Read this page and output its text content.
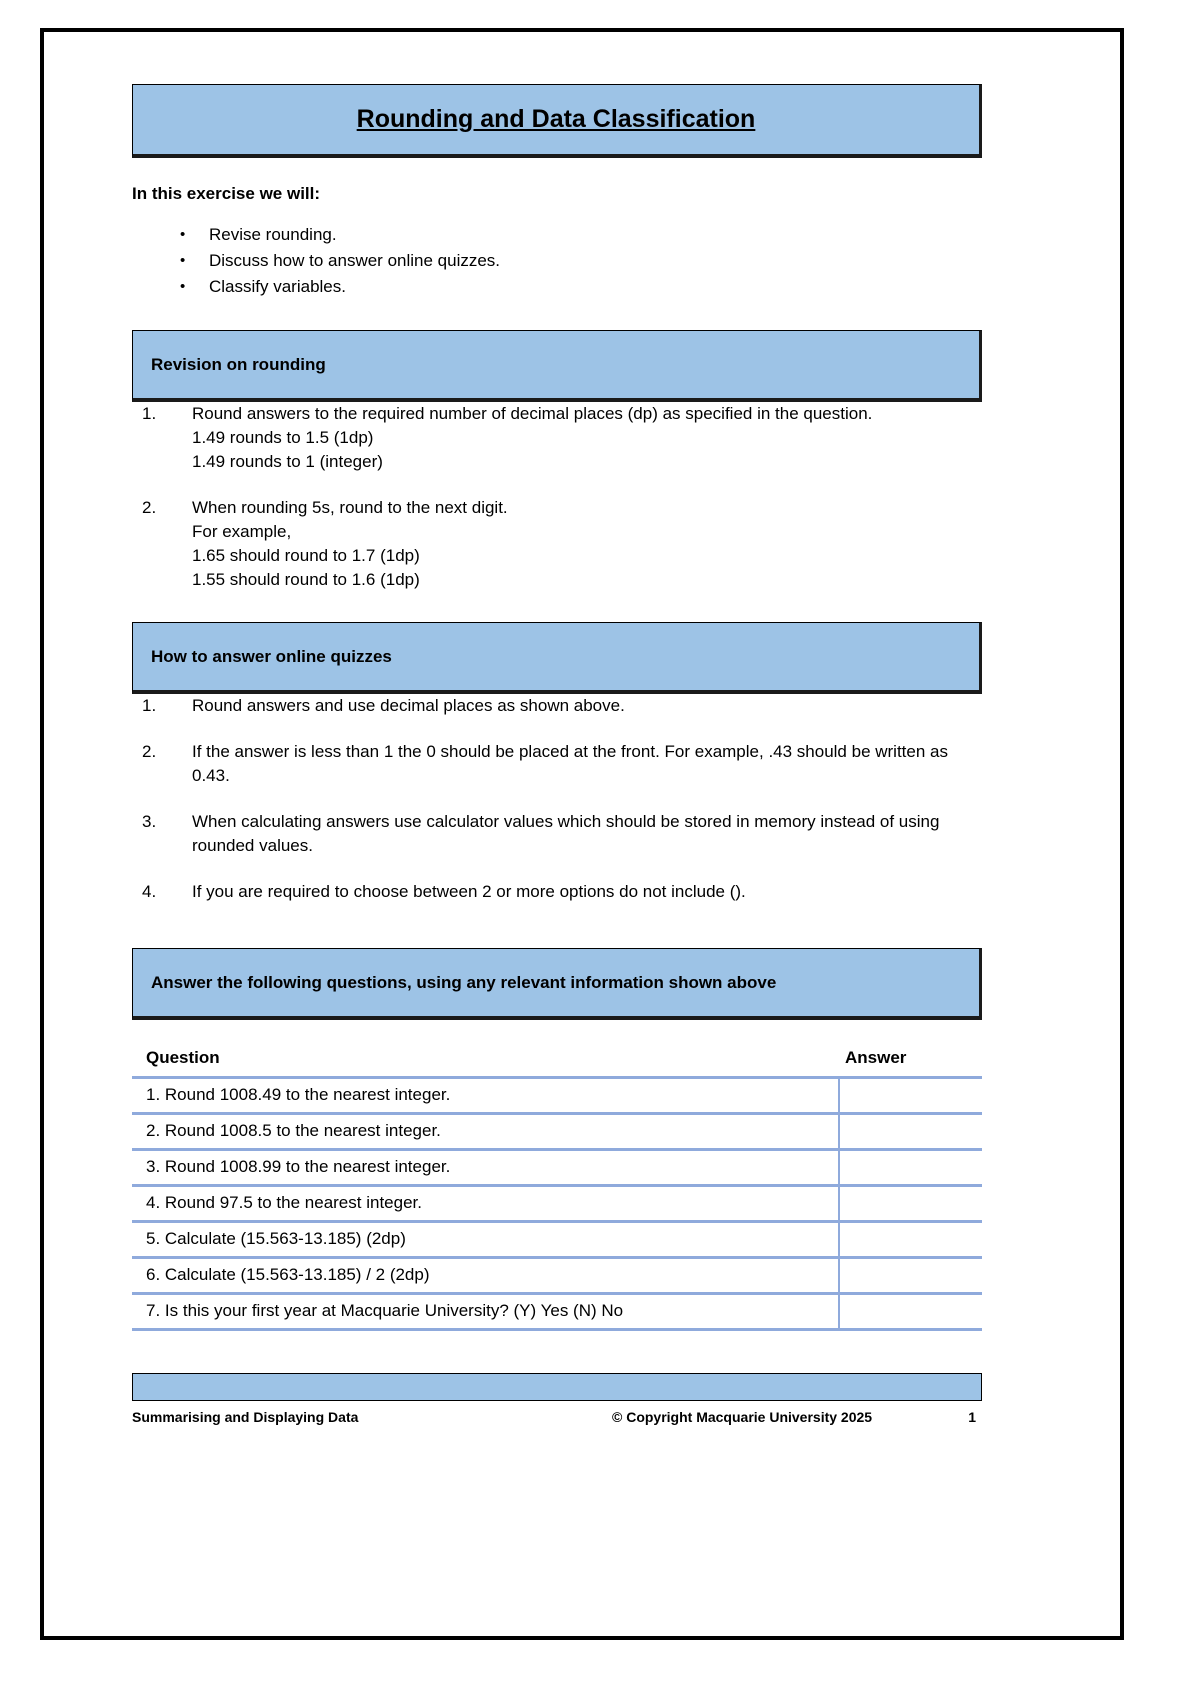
Rounding and Data Classification
In this exercise we will:
• Revise rounding.
• Discuss how to answer online quizzes.
• Classify variables.
Revision on rounding
1. Round answers to the required number of decimal places (dp) as specified in the question.
1.49 rounds to 1.5 (1dp)
1.49 rounds to 1 (integer)
2. When rounding 5s, round to the next digit.
For example,
1.65 should round to 1.7 (1dp)
1.55 should round to 1.6 (1dp)
How to answer online quizzes
1. Round answers and use decimal places as shown above.
2. If the answer is less than 1 the 0 should be placed at the front. For example, .43 should be written as 0.43.
3. When calculating answers use calculator values which should be stored in memory instead of using rounded values.
4. If you are required to choose between 2 or more options do not include ().
Answer the following questions, using any relevant information shown above
Question	Answer
1. Round 1008.49 to the nearest integer.	
2. Round 1008.5 to the nearest integer.	
3. Round 1008.99 to the nearest integer.	
4. Round 97.5 to the nearest integer.	
5. Calculate (15.563-13.185) (2dp)	
6. Calculate (15.563-13.185) / 2 (2dp)	
7. Is this your first year at Macquarie University? (Y) Yes (N) No	
Summarising and Displaying Data	© Copyright Macquarie University 2025	1
